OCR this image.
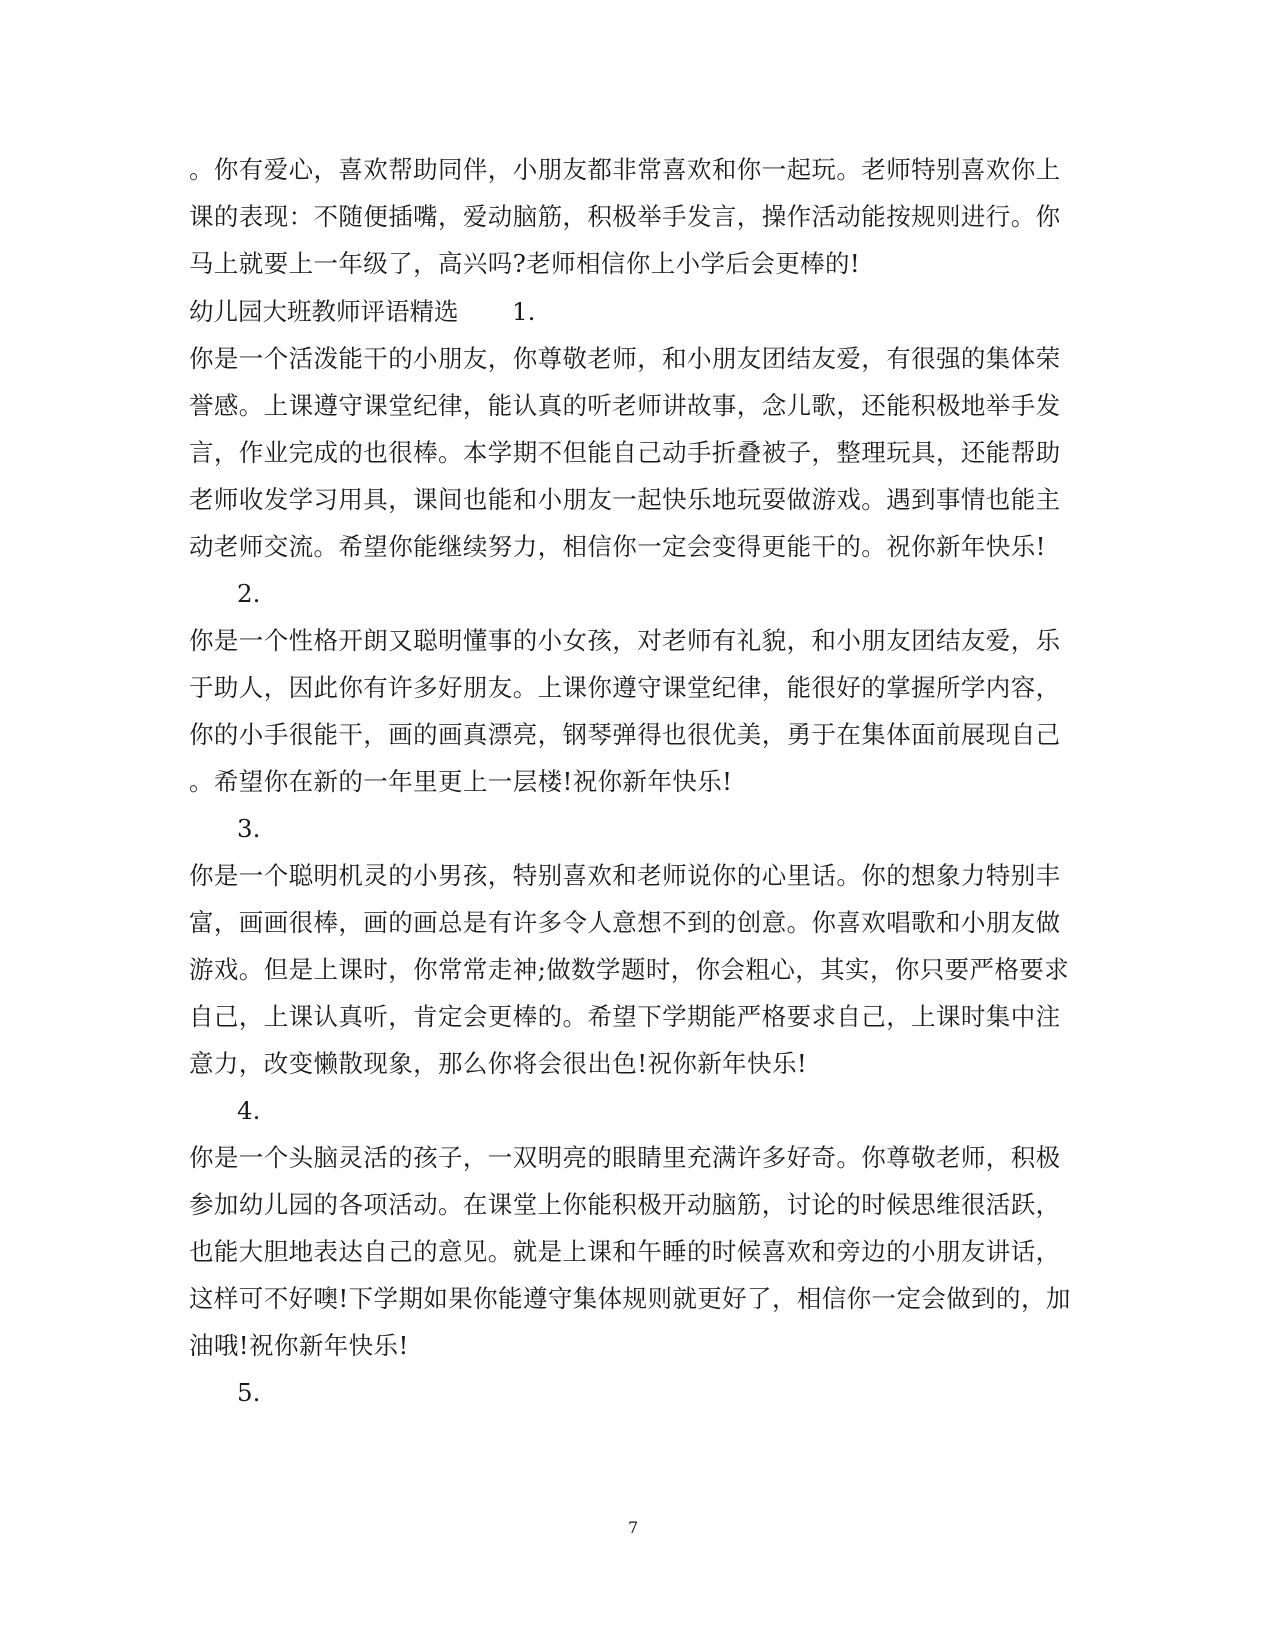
。你有爱心，喜欢帮助同伴，小朋友都非常喜欢和你一起玩。老师特别喜欢你上
课的表现：不随便插嘴，爱动脑筋，积极举手发言，操作活动能按规则进行。你
马上就要上一年级了，高兴吗?老师相信你上小学后会更棒的!
幼儿园大班教师评语精选 1.
你是一个活泼能干的小朋友，你尊敬老师，和小朋友团结友爱，有很强的集体荣
誉感。上课遵守课堂纪律，能认真的听老师讲故事，念儿歌，还能积极地举手发
言，作业完成的也很棒。本学期不但能自己动手折叠被子，整理玩具，还能帮助
老师收发学习用具，课间也能和小朋友一起快乐地玩耍做游戏。遇到事情也能主
动老师交流。希望你能继续努力，相信你一定会变得更能干的。祝你新年快乐!
2.
你是一个性格开朗又聪明懂事的小女孩，对老师有礼貌，和小朋友团结友爱，乐
于助人，因此你有许多好朋友。上课你遵守课堂纪律，能很好的掌握所学内容，
你的小手很能干，画的画真漂亮，钢琴弹得也很优美，勇于在集体面前展现自己
。希望你在新的一年里更上一层楼!祝你新年快乐!
3.
你是一个聪明机灵的小男孩，特别喜欢和老师说你的心里话。你的想象力特别丰
富，画画很棒，画的画总是有许多令人意想不到的创意。你喜欢唱歌和小朋友做
游戏。但是上课时，你常常走神;做数学题时，你会粗心，其实，你只要严格要求
自己，上课认真听，肯定会更棒的。希望下学期能严格要求自己，上课时集中注
意力，改变懒散现象，那么你将会很出色!祝你新年快乐!
4.
你是一个头脑灵活的孩子，一双明亮的眼睛里充满许多好奇。你尊敬老师，积极
参加幼儿园的各项活动。在课堂上你能积极开动脑筋，讨论的时候思维很活跃，
也能大胆地表达自己的意见。就是上课和午睡的时候喜欢和旁边的小朋友讲话，
这样可不好噢!下学期如果你能遵守集体规则就更好了，相信你一定会做到的，加
油哦!祝你新年快乐!
5.
7
